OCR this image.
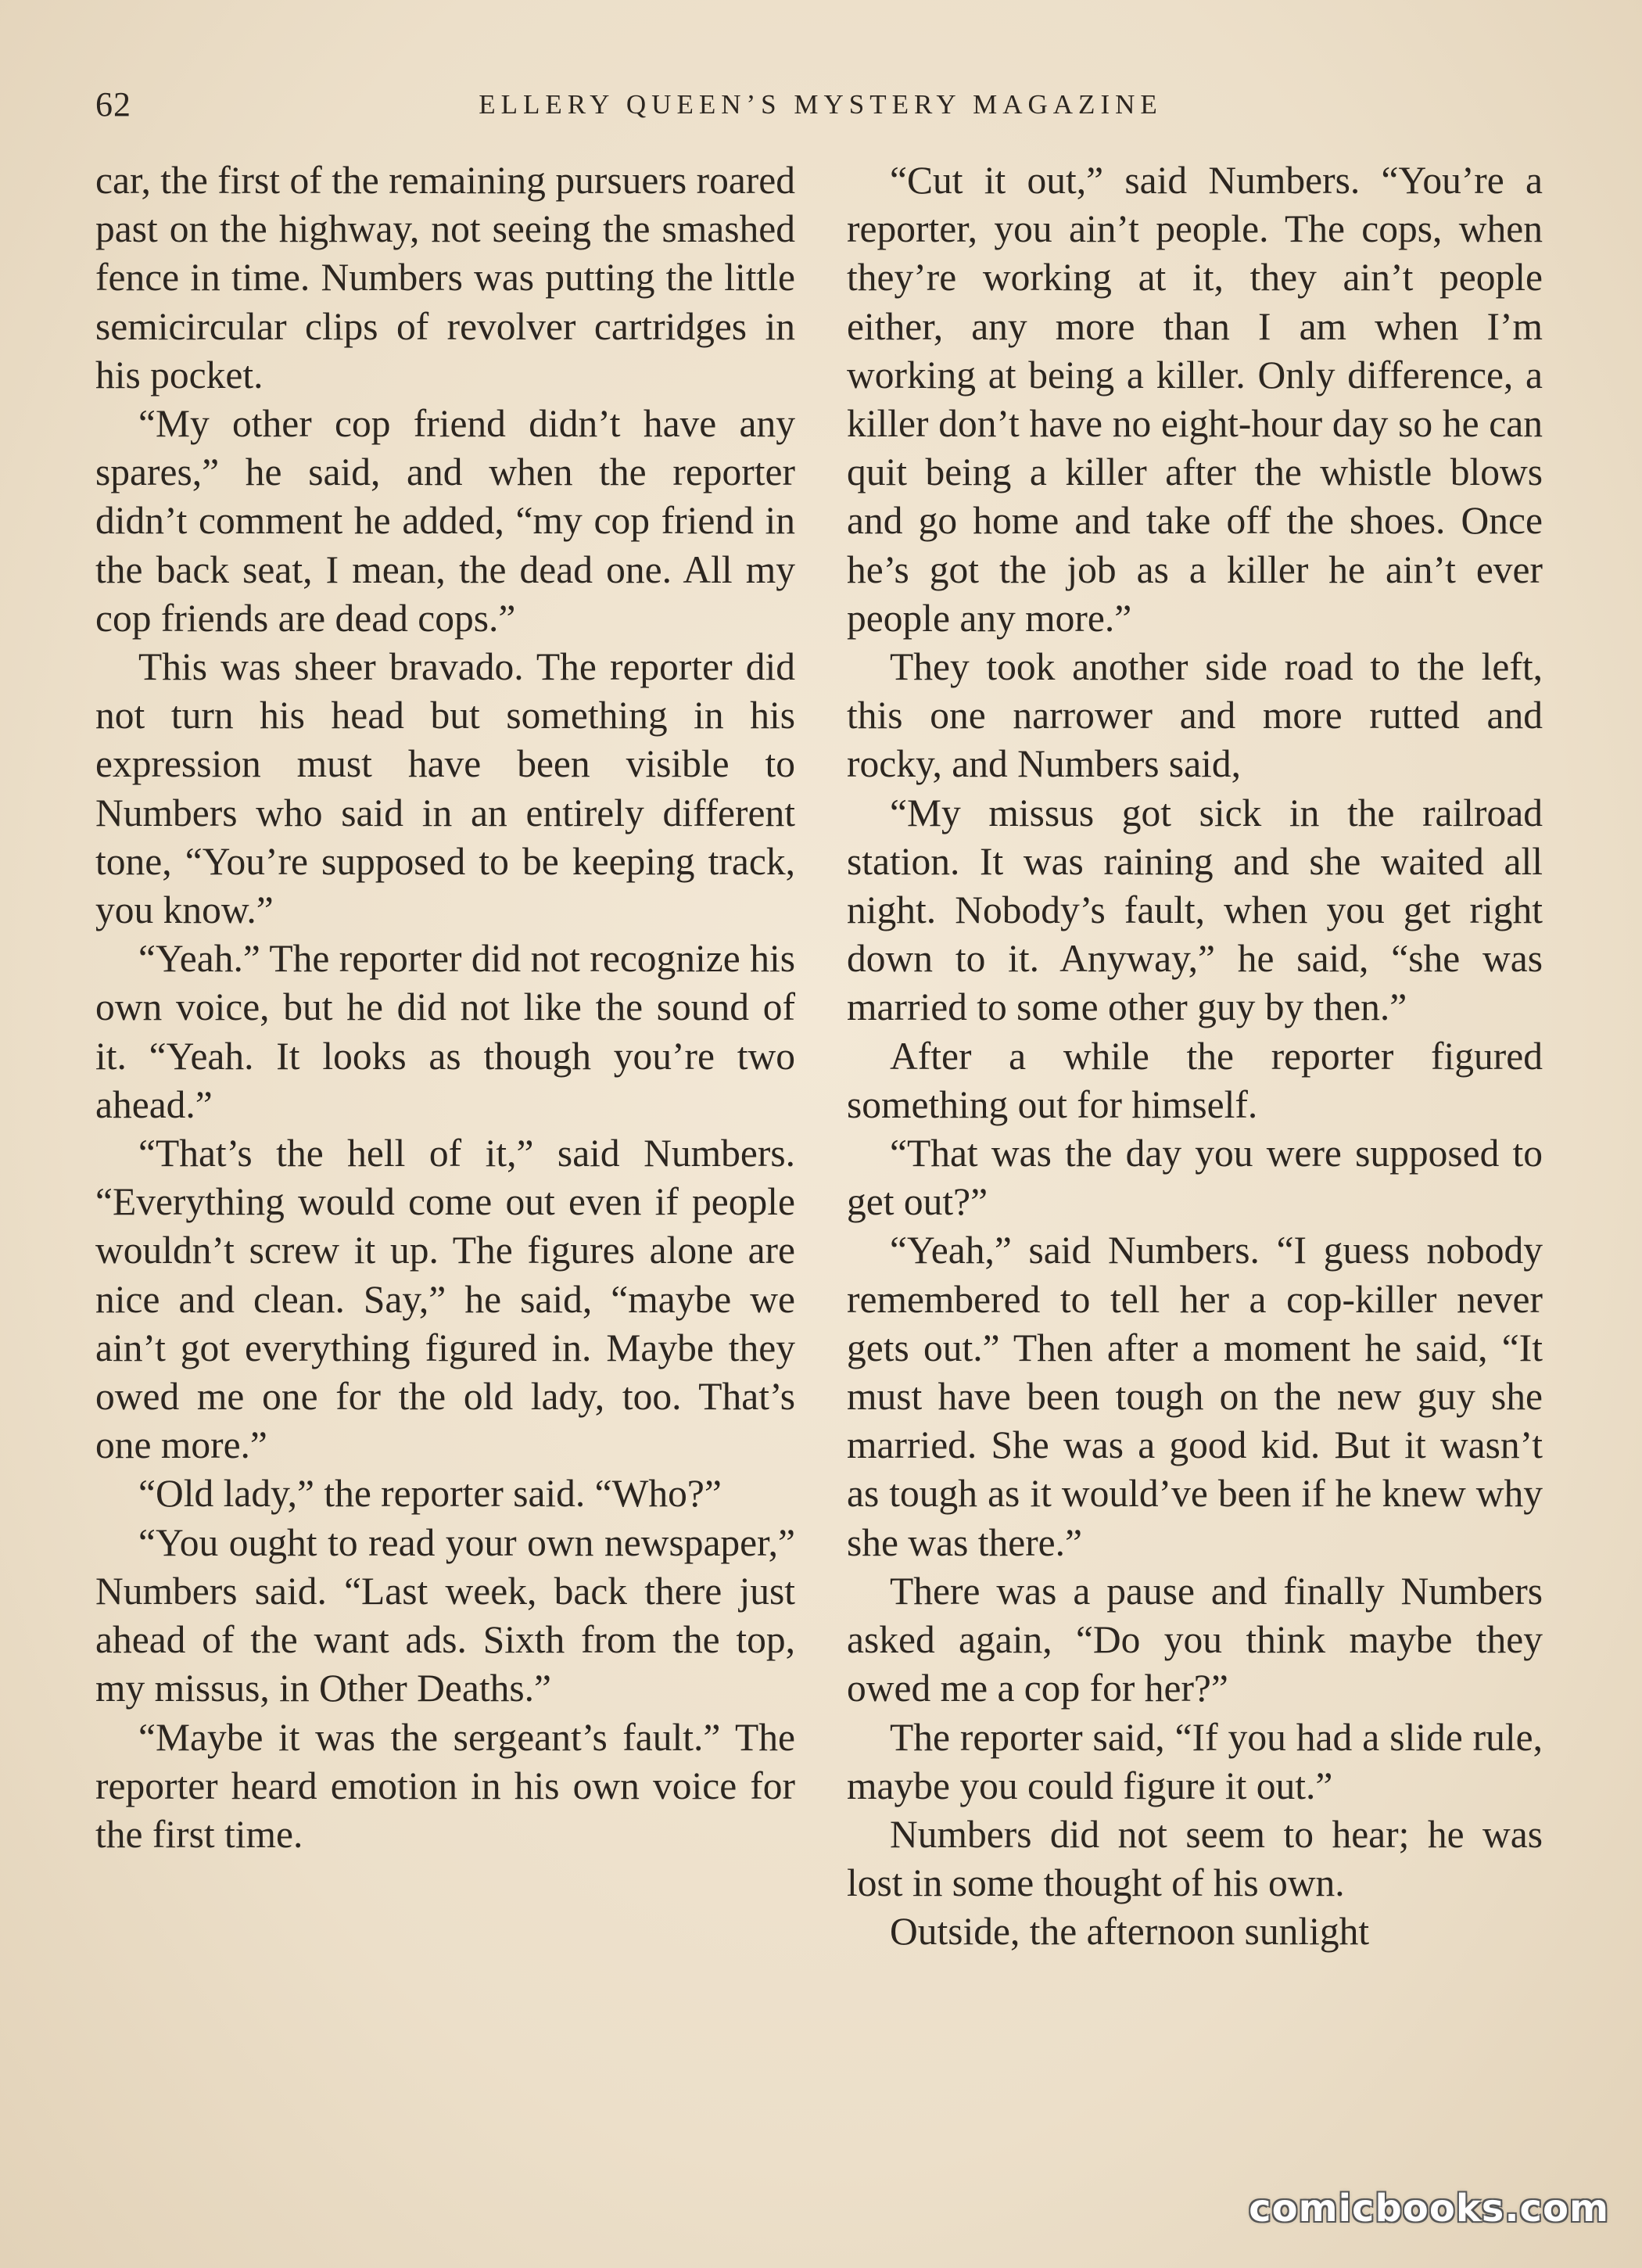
62	ELLERY QUEEN’S MYSTERY MAGAZINE

car, the first of the remaining pursuers roared past on the highway, not seeing the smashed fence in time. Numbers was putting the little semicircular clips of revolver cartridges in his pocket.

“My other cop friend didn’t have any spares,” he said, and when the reporter didn’t comment he added, “my cop friend in the back seat, I mean, the dead one. All my cop friends are dead cops.”

This was sheer bravado. The reporter did not turn his head but something in his expression must have been visible to Numbers who said in an entirely different tone, “You’re supposed to be keeping track, you know.”

“Yeah.” The reporter did not recognize his own voice, but he did not like the sound of it. “Yeah. It looks as though you’re two ahead.”

“That’s the hell of it,” said Numbers. “Everything would come out even if people wouldn’t screw it up. The figures alone are nice and clean. Say,” he said, “maybe we ain’t got everything figured in. Maybe they owed me one for the old lady, too. That’s one more.”

“Old lady,” the reporter said. “Who?”

“You ought to read your own newspaper,” Numbers said. “Last week, back there just ahead of the want ads. Sixth from the top, my missus, in Other Deaths.”

“Maybe it was the sergeant’s fault.” The reporter heard emotion in his own voice for the first time.

“Cut it out,” said Numbers. “You’re a reporter, you ain’t people. The cops, when they’re working at it, they ain’t people either, any more than I am when I’m working at being a killer. Only difference, a killer don’t have no eight-hour day so he can quit being a killer after the whistle blows and go home and take off the shoes. Once he’s got the job as a killer he ain’t ever people any more.”

They took another side road to the left, this one narrower and more rutted and rocky, and Numbers said,

“My missus got sick in the railroad station. It was raining and she waited all night. Nobody’s fault, when you get right down to it. Anyway,” he said, “she was married to some other guy by then.”

After a while the reporter figured something out for himself.

“That was the day you were supposed to get out?”

“Yeah,” said Numbers. “I guess nobody remembered to tell her a cop-killer never gets out.” Then after a moment he said, “It must have been tough on the new guy she married. She was a good kid. But it wasn’t as tough as it would’ve been if he knew why she was there.”

There was a pause and finally Numbers asked again, “Do you think maybe they owed me a cop for her?”

The reporter said, “If you had a slide rule, maybe you could figure it out.”

Numbers did not seem to hear; he was lost in some thought of his own.

Outside, the afternoon sunlight

comicbooks.com
